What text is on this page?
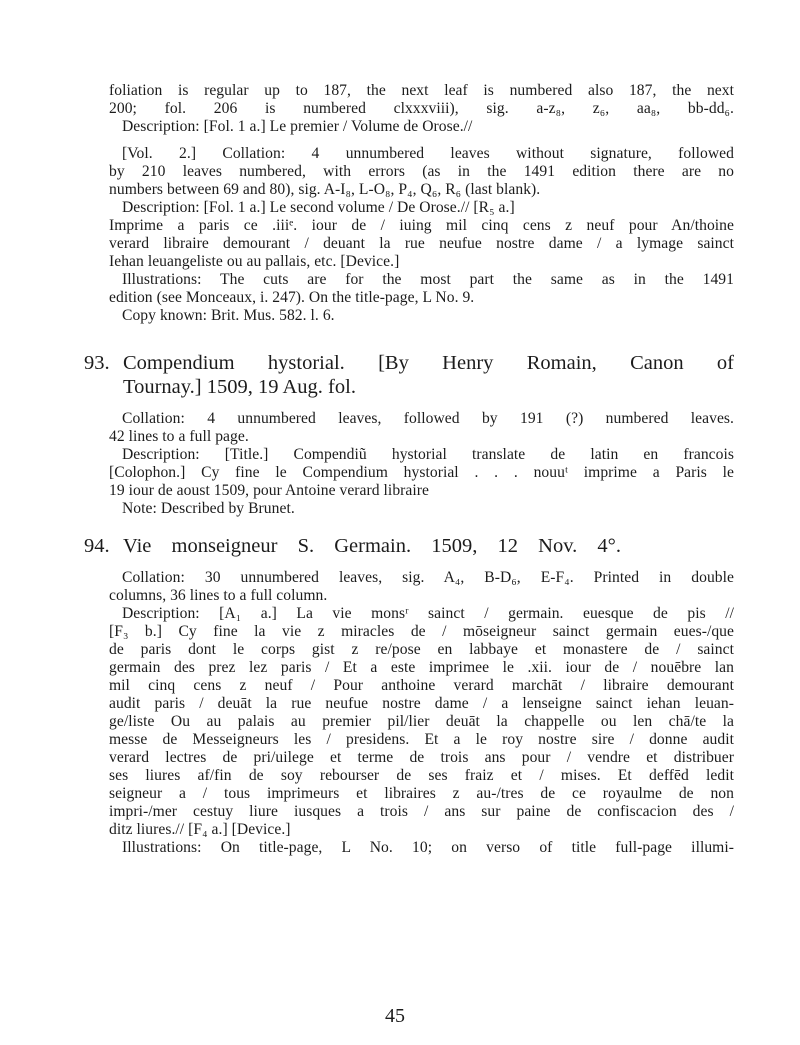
foliation is regular up to 187, the next leaf is numbered also 187, the next
200; fol. 206 is numbered clxxxviii), sig. a-z₈, z₆, aa₈, bb-dd₆.
Description: [Fol. 1 a.] Le premier / Volume de Orose.//
[Vol. 2.] Collation: 4 unnumbered leaves without signature, followed
by 210 leaves numbered, with errors (as in the 1491 edition there are no
numbers between 69 and 80), sig. A-I₈, L-O₈, P₄, Q₆, R₆ (last blank).
Description: [Fol. 1 a.] Le second volume / De Orose.// [R₅ a.]
Imprime a paris ce .iiiᵉ. iour de / iuing mil cinq cens z neuf pour An/thoine
verard libraire demourant / deuant la rue neufue nostre dame / a lymage sainct
Iehan leuangeliste ou au pallais, etc. [Device.]
Illustrations: The cuts are for the most part the same as in the 1491
edition (see Monceaux, i. 247). On the title-page, L No. 9.
Copy known: Brit. Mus. 582. l. 6.
93. Compendium hystorial. [By Henry Romain, Canon of
Tournay.] 1509, 19 Aug. fol.
Collation: 4 unnumbered leaves, followed by 191 (?) numbered leaves.
42 lines to a full page.
Description: [Title.] Compendiũ hystorial translate de latin en francois
[Colophon.] Cy fine le Compendium hystorial . . . nouuᵗ imprime a Paris le
19 iour de aoust 1509, pour Antoine verard libraire
Note: Described by Brunet.
94. Vie monseigneur S. Germain. 1509, 12 Nov. 4°.
Collation: 30 unnumbered leaves, sig. A₄, B-D₆, E-F₄. Printed in double
columns, 36 lines to a full column.
Description: [A₁ a.] La vie monsʳ sainct / germain. euesque de pis //
[F₃ b.] Cy fine la vie z miracles de / mōseigneur sainct germain eues-/que
de paris dont le corps gist z re/pose en labbaye et monastere de / sainct
germain des prez lez paris / Et a este imprimee le .xii. iour de / nouēbre lan
mil cinq cens z neuf / Pour anthoine verard marchāt / libraire demourant
audit paris / deuāt la rue neufue nostre dame / a lenseigne sainct iehan leuan-
ge/liste Ou au palais au premier pil/lier deuāt la chappelle ou len chā/te la
messe de Messeigneurs les / presidens. Et a le roy nostre sire / donne audit
verard lectres de pri/uilege et terme de trois ans pour / vendre et distribuer
ses liures af/fin de soy rebourser de ses fraiz et / mises. Et deffēd ledit
seigneur a / tous imprimeurs et libraires z au-/tres de ce royaulme de non
impri-/mer cestuy liure iusques a trois / ans sur paine de confiscacion des /
ditz liures.// [F₄ a.] [Device.]
Illustrations: On title-page, L No. 10; on verso of title full-page illumi-
45
